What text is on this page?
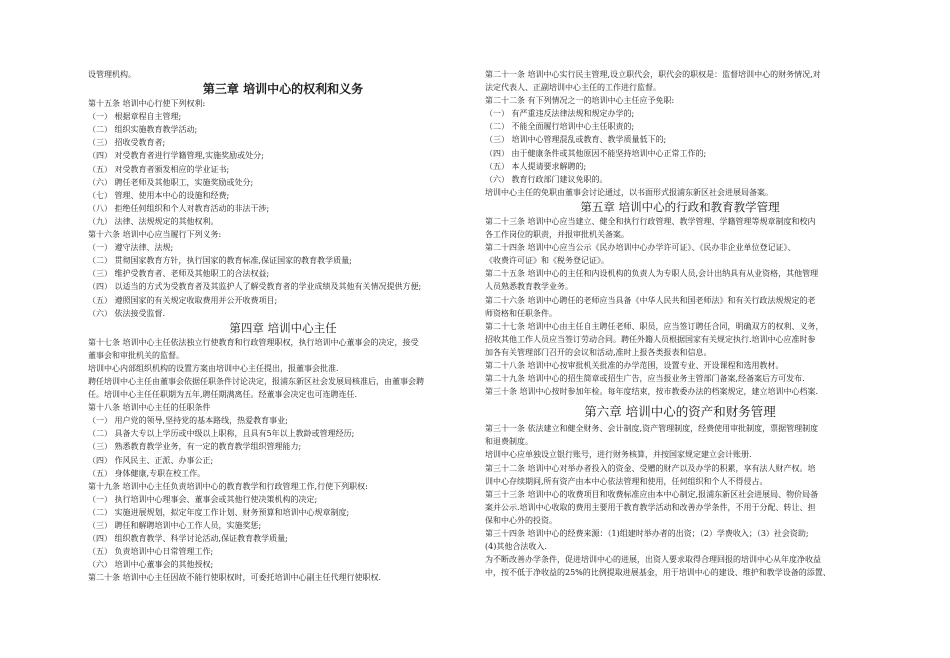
设管理机构。
第三章 培训中心的权利和义务
第十五条 培训中心行使下列权利:
（一） 根据章程自主管理;
（二） 组织实施教育教学活动;
（三） 招收受教育者;
（四） 对受教育者进行学籍管理,实施奖励或处分;
（五） 对受教育者颁发相应的学业证书;
（六） 聘任老师及其他职工，实施奖励或处分;
（七） 管理、使用本中心的设施和经费;
（八） 拒绝任何组织和个人对教育活动的非法干涉;
（九） 法律、法规规定的其他权利。
第十六条 培训中心应当履行下列义务:
（一） 遵守法律、法规;
（二） 贯彻国家教育方针，执行国家的教育标准,保证国家的教育教学质量;
（三） 维护受教育者、老师及其他职工的合法权益;
（四） 以适当的方式为受教育者及其监护人了解受教育者的学业成绩及其他有关情况提供方便;
（五） 遵照国家的有关规定收取费用并公开收费项目;
（六） 依法接受监督.
第四章 培训中心主任
第十七条 培训中心主任依法独立行使教育和行政管理职权，执行培训中心董事会的决定，接受
董事会和审批机关的监督。
培训中心内部组织机构的设置方案由培训中心主任提出，报董事会批准.
聘任培训中心主任由董事会依据任职条件讨论决定，报浦东新区社会发展局核准后，由董事会聘
任。培训中心主任任职期为五年,聘任期满离任。经董事会决定也可连聘连任.
第十八条 培训中心主任的任职条件
（一） 用户党的领导,坚持党的基本路线，热爱教育事业;
（二） 具备大专以上学历或中级以上职称，且具有5年以上教龄或管理经历;
（三） 熟悉教育教学业务，有一定的教育教学组织管理能力;
（四） 作风民主、正派、办事公正;
（五） 身体健康,专职在校工作。
第十九条 培训中心主任负责培训中心的教育教学和行政管理工作,行使下列职权:
（一） 执行培训中心理事会、董事会或其他行使决策机构的决定;
（二） 实施进展规划，拟定年度工作计划、财务预算和培训中心规章制度;
（三） 聘任和解聘培训中心工作人员，实施奖惩;
（四） 组织教育教学、科学讨论活动,保证教育教学质量;
（五） 负责培训中心日常管理工作;
（六） 培训中心董事会的其他授权;
第二十条 培训中心主任因故不能行使职权时，可委托培训中心副主任代理行使职权.
第二十一条 培训中心实行民主管理,设立职代会，职代会的职权是：监督培训中心的财务情况,对
法定代表人、正副培训中心主任的工作进行监督。
第二十二条 有下列情况之一的培训中心主任应予免职:
（一） 有严重违反法律法规和规定办学的;
（二） 不能全面履行培训中心主任职责的;
（三） 培训中心管理混乱或教育、教学质量低下的;
（四） 由于健康条件或其他原因不能坚持培训中心正常工作的;
（五） 本人提请要求解聘的;
（六） 教育行政部门建议免职的。
培训中心主任的免职由董事会讨论通过，以书面形式报浦东新区社会进展局备案。
第五章 培训中心的行政和教育教学管理
第二十三条 培训中心应当建立、健全和执行行政管理、教学管理、学籍管理等规章制度和校内
各工作岗位的职责，并报审批机关备案。
第二十四条 培训中心应当公示《民办培训中心办学许可证》、《民办非企业单位登记证》、
《收费许可证》和《税务登记证》。
第二十五条 培训中心的主任和内设机构的负责人为专职人员,会计出纳具有从业资格，其他管理
人员熟悉教育教学业务。
第二十六条 培训中心聘任的老师应当具备《中华人民共和国老师法》和有关行政法规规定的老
师资格和任职条件。
第二十七条 培训中心由主任自主聘任老师、职员，应当签订聘任合同，明确双方的权利、义务，
招收其他工作人员应当签订劳动合同。聘任外籍人员根据国家有关规定执行.培训中心应准时参
加各有关管理部门召开的会议和活动,准时上报各类报表和信息。
第二十八条 培训中心按审批机关批准的办学范围，设置专业、开设课程和选用教材。
第二十九条 培训中心的招生简章或招生广告，应当报业务主管部门备案,经备案后方可发布.
第三十条 培训中心按时参加年检。每年度结束，按市教委办法的档案规定，建立培训中心档案.
第六章 培训中心的资产和财务管理
第三十一条 依法建立和健全财务、会计制度,资产管理制度，经费使用审批制度，票据管理制度
和退费制度。
培训中心应单独设立银行账号，进行财务核算，并按国家规定建立会计账册.
第三十二条 培训中心对举办者投入的资金、受赠的财产以及办学的积累，享有法人财产权。培
训中心存续期间,所有资产由本中心依法管理和使用，任何组织和个人不得侵占。
第三十三条 培训中心的收费项目和收费标准应由本中心制定,报浦东新区社会进展局、物价局备
案并公示.培训中心收取的费用主要用于教育教学活动和改善办学条件，不用于分配、转让、担
保和中心外的投资。
第三十四条 培训中心的经费来源：（1)组建时举办者的出资；（2）学费收入；（3）社会资助;
(4)其他合法收入.
为不断改善办学条件，促进培训中心的进展，出资人要求取得合理回报的培训中心从年度净收益
中，按不低于净收益的25%的比例提取进展基金，用于培训中心的建设、维护和教学设备的添置、
